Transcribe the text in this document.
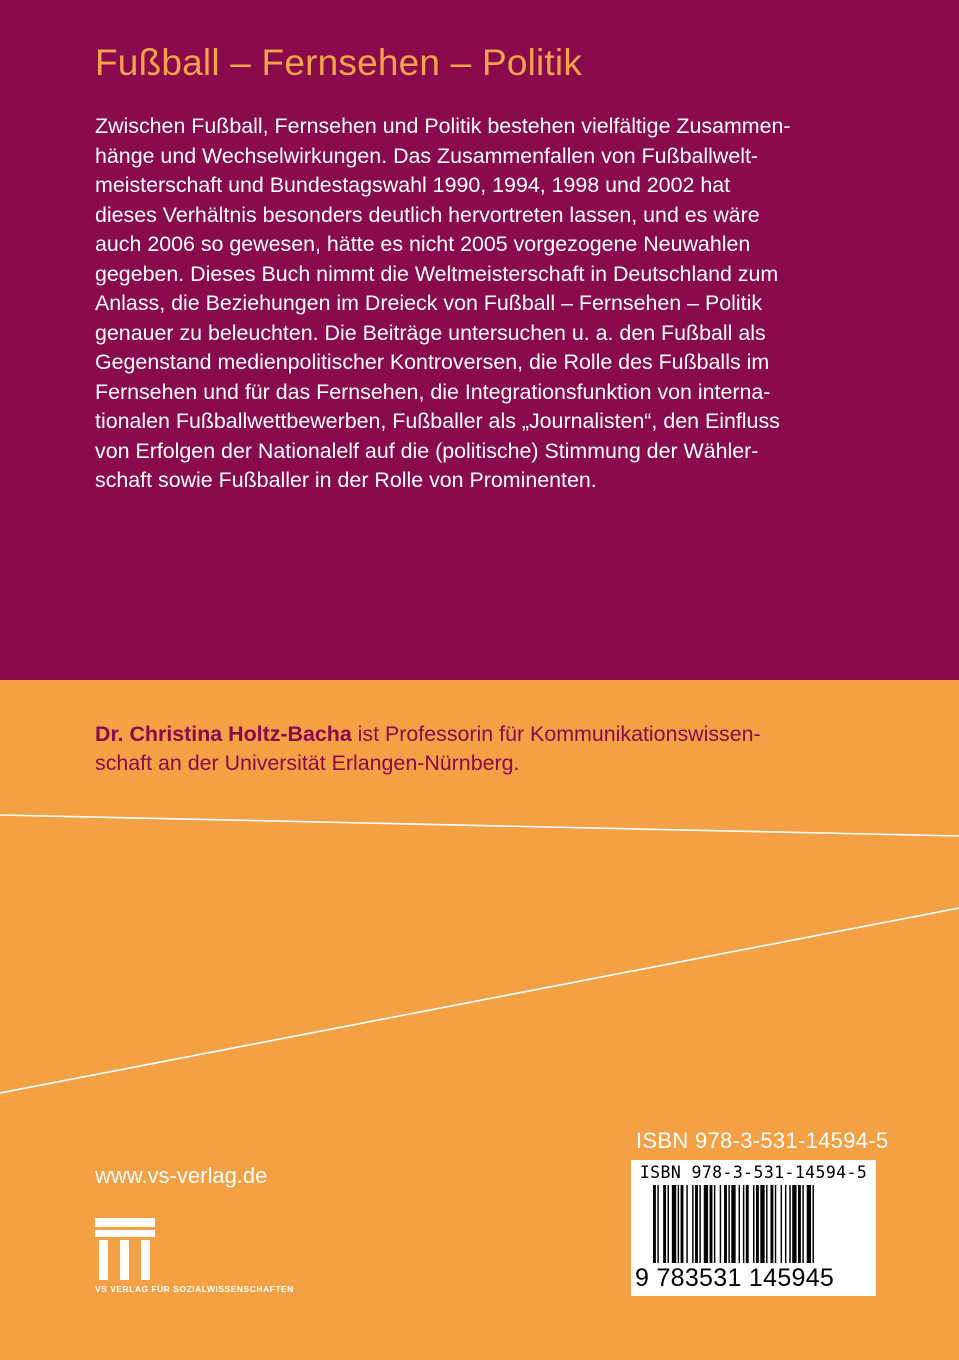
Fußball – Fernsehen – Politik
Zwischen Fußball, Fernsehen und Politik bestehen vielfältige Zusammen-
hänge und Wechselwirkungen. Das Zusammenfallen von Fußballwelt-
meisterschaft und Bundestagswahl 1990, 1994, 1998 und 2002 hat
dieses Verhältnis besonders deutlich hervortreten lassen, und es wäre
auch 2006 so gewesen, hätte es nicht 2005 vorgezogene Neuwahlen
gegeben. Dieses Buch nimmt die Weltmeisterschaft in Deutschland zum
Anlass, die Beziehungen im Dreieck von Fußball – Fernsehen – Politik
genauer zu beleuchten. Die Beiträge untersuchen u. a. den Fußball als
Gegenstand medienpolitischer Kontroversen, die Rolle des Fußballs im
Fernsehen und für das Fernsehen, die Integrationsfunktion von interna-
tionalen Fußballwettbewerben, Fußballer als „Journalisten“, den Einfluss
von Erfolgen der Nationalelf auf die (politische) Stimmung der Wähler-
schaft sowie Fußballer in der Rolle von Prominenten.
Dr. Christina Holtz-Bacha ist Professorin für Kommunikationswissen-
schaft an der Universität Erlangen-Nürnberg.
www.vs-verlag.de
VS VERLAG FÜR SOZIALWISSENSCHAFTEN
ISBN 978-3-531-14594-5
ISBN 978-3-531-14594-5
9 783531 145945
